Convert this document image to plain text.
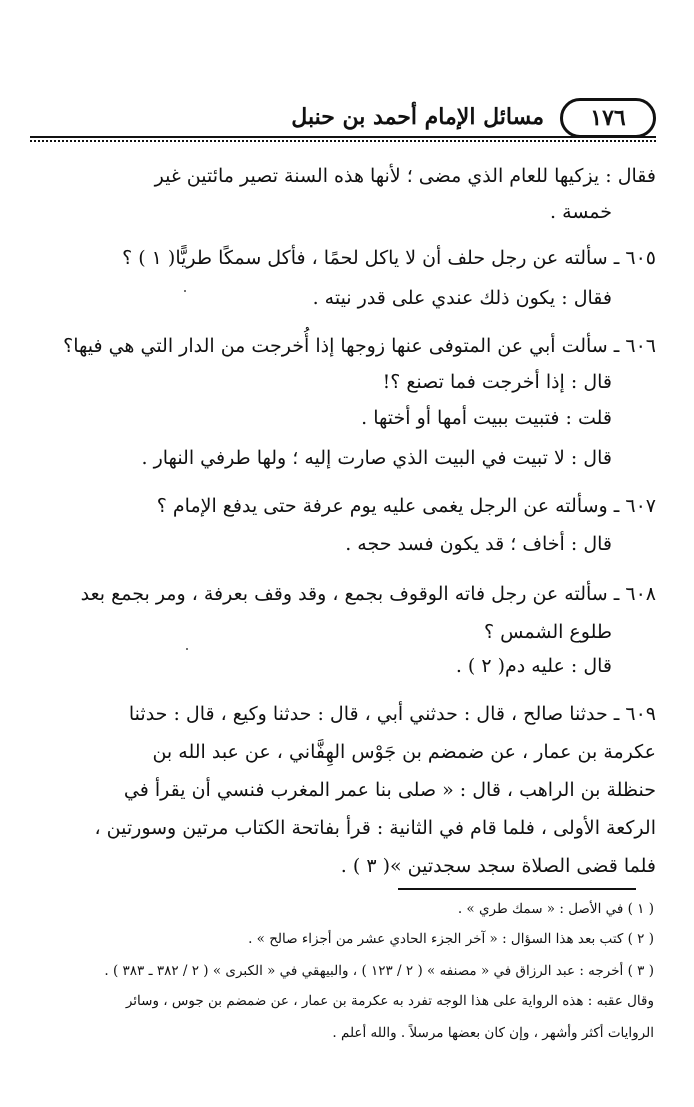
١٧٦
مسائل الإمام أحمد بن حنبل
فقال : يزكيها للعام الذي مضى ؛ لأنها هذه السنة تصير مائتين غير
خمسة .
٦٠٥ ـ سألته عن رجل حلف أن لا ياكل لحمًا ، فأكل سمكًا طريًّا( ١ ) ؟
فقال : يكون ذلك عندي على قدر نيته .
٦٠٦ ـ سألت أبي عن المتوفى عنها زوجها إذا أُخرجت من الدار التي هي فيها؟
قال : إذا أخرجت فما تصنع ؟!
قلت : فتبيت ببيت أمها أو أختها .
قال : لا تبيت في البيت الذي صارت إليه ؛ ولها طرفي النهار .
٦٠٧ ـ وسألته عن الرجل يغمى عليه يوم عرفة حتى يدفع الإمام ؟
قال : أخاف ؛ قد يكون فسد حجه .
٦٠٨ ـ سألته عن رجل فاته الوقوف بجمع ، وقد وقف بعرفة ، ومر بجمع بعد
طلوع الشمس ؟
قال : عليه دم( ٢ ) .
٦٠٩ ـ حدثنا صالح ، قال : حدثني أبي ، قال : حدثنا وكيع ، قال : حدثنا
عكرمة بن عمار ، عن ضمضم بن جَوْس الهِفَّاني ، عن عبد الله بن
حنظلة بن الراهب ، قال : « صلى بنا عمر المغرب فنسي أن يقرأ في
الركعة الأولى ، فلما قام في الثانية : قرأ بفاتحة الكتاب مرتين وسورتين ،
فلما قضى الصلاة سجد سجدتين »( ٣ ) .
( ١ ) في الأصل : « سمك طري » .
( ٢ ) كتب بعد هذا السؤال : « آخر الجزء الحادي عشر من أجزاء صالح » .
( ٣ ) أخرجه : عبد الرزاق في « مصنفه » ( ٢ / ١٢٣ ) ، والبيهقي في « الكبرى » ( ٢ / ٣٨٢ ـ ٣٨٣ ) .
وقال عقبه : هذه الرواية على هذا الوجه تفرد به عكرمة بن عمار ، عن ضمضم بن جوس ، وسائر
الروايات أكثر وأشهر ، وإن كان بعضها مرسلاً . والله أعلم .
